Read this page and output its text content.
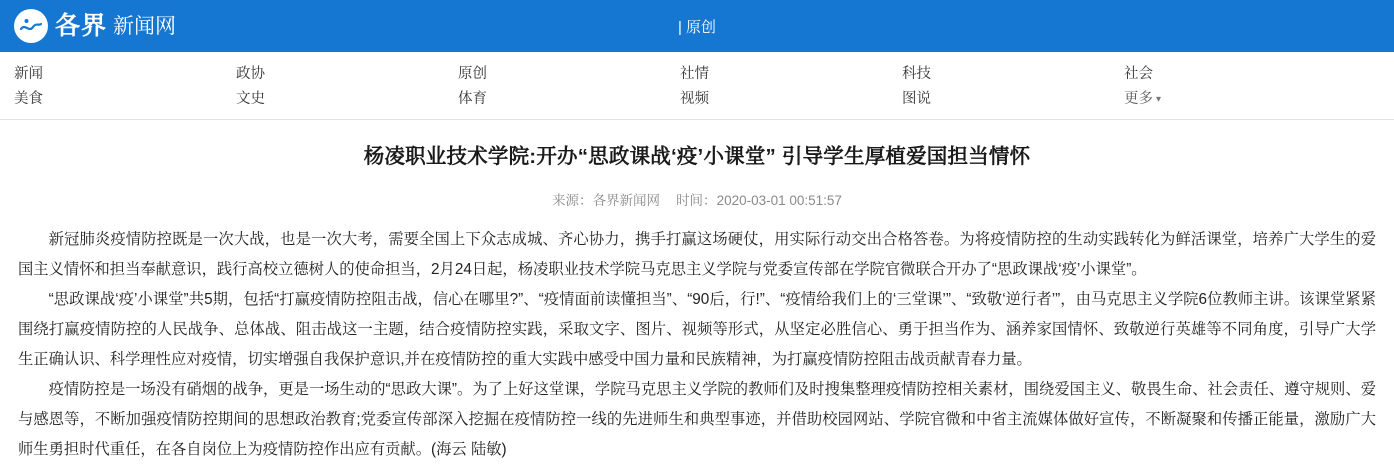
各界 新闻网	| 原创
新闻	政协	原创	社情	科技	社会
美食	文史	体育	视频	图说	更多 ▾
杨凌职业技术学院:开办“思政课战‘疫’小课堂” 引导学生厚植爱国担当情怀
来源：各界新闻网 时间：2020-03-01 00:51:57

新冠肺炎疫情防控既是一次大战，也是一次大考，需要全国上下众志成城、齐心协力，携手打赢这场硬仗，用实际行动交出合格答卷。为将疫情防控的生动实践转化为鲜活课堂，培养广大学生的爱国主义情怀和担当奉献意识，践行高校立德树人的使命担当，2月24日起，杨凌职业技术学院马克思主义学院与党委宣传部在学院官微联合开办了“思政课战‘疫’小课堂”。

“思政课战‘疫’小课堂”共5期，包括“打赢疫情防控阻击战，信心在哪里?”、“疫情面前读懂担当”、“90后，行!”、“疫情给我们上的‘三堂课’”、“致敬‘逆行者’”，由马克思主义学院6位教师主讲。该课堂紧紧围绕打赢疫情防控的人民战争、总体战、阻击战这一主题，结合疫情防控实践，采取文字、图片、视频等形式，从坚定必胜信心、勇于担当作为、涵养家国情怀、致敬逆行英雄等不同角度，引导广大学生正确认识、科学理性应对疫情，切实增强自我保护意识,并在疫情防控的重大实践中感受中国力量和民族精神，为打赢疫情防控阻击战贡献青春力量。

疫情防控是一场没有硝烟的战争，更是一场生动的“思政大课”。为了上好这堂课，学院马克思主义学院的教师们及时搜集整理疫情防控相关素材，围绕爱国主义、敬畏生命、社会责任、遵守规则、爱与感恩等，不断加强疫情防控期间的思想政治教育;党委宣传部深入挖掘在疫情防控一线的先进师生和典型事迹，并借助校园网站、学院官微和中省主流媒体做好宣传，不断凝聚和传播正能量，激励广大师生勇担时代重任，在各自岗位上为疫情防控作出应有贡献。(海云 陆敏)
